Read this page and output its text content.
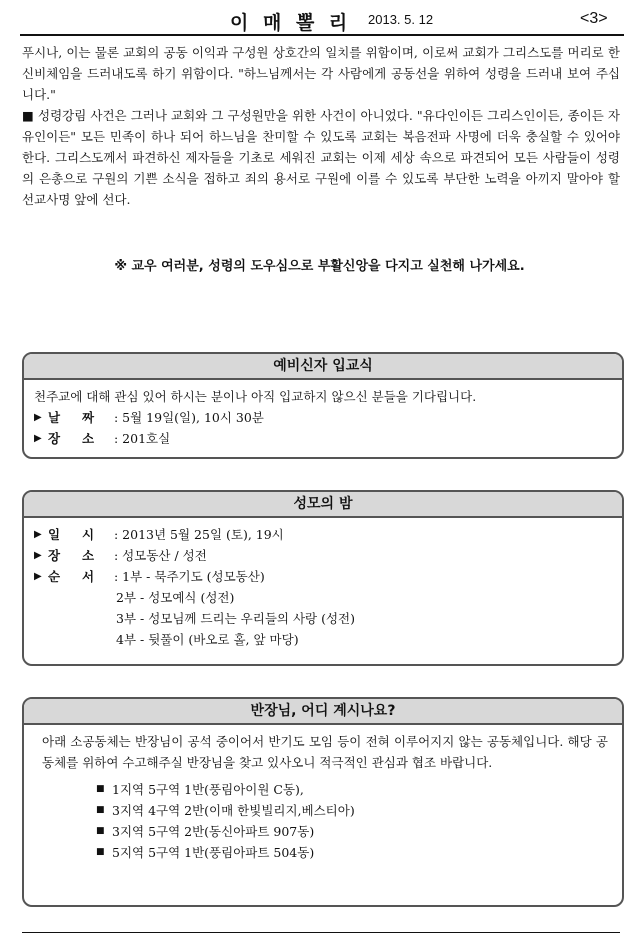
이 매 뽈 리 2013. 5. 12	<3>

푸시나, 이는 물론 교회의 공동 이익과 구성원 상호간의 일치를 위함이며, 이로써 교회가 그리스도를 머리로 한 신비체임을 드러내도록 하기 위함이다. "하느님께서는 각 사람에게 공동선을 위하여 성령을 드러내 보여 주십니다."

■ 성령강림 사건은 그러나 교회와 그 구성원만을 위한 사건이 아니었다. "유다인이든 그리스인이든, 종이든 자유인이든" 모든 민족이 하나 되어 하느님을 찬미할 수 있도록 교회는 복음전파 사명에 더욱 충실할 수 있어야 한다. 그리스도께서 파견하신 제자들을 기초로 세워진 교회는 이제 세상 속으로 파견되어 모든 사람들이 성령의 은총으로 구원의 기쁜 소식을 접하고 죄의 용서로 구원에 이를 수 있도록 부단한 노력을 아끼지 말아야 할 선교사명 앞에 선다.

※ 교우 여러분, 성령의 도우심으로 부활신앙을 다지고 실천해 나가세요.
예비신자 입교식
천주교에 대해 관심 있어 하시는 분이나 아직 입교하지 않으신 분들을 기다립니다.
▶ 날 짜	: 5월 19일(일), 10시 30분
▶ 장 소	: 201호실
성모의 밤
▶ 일 시	: 2013년 5월 25일 (토), 19시
▶ 장 소	: 성모동산 / 성전
▶ 순 서	: 1부 - 묵주기도 (성모동산)
2부 - 성모예식 (성전)
3부 - 성모님께 드리는 우리들의 사랑 (성전)
4부 - 뒷풀이 (바오로 홀, 앞 마당)
반장님, 어디 계시나요?
아래 소공동체는 반장님이 공석 중이어서 반기도 모임 등이 전혀 이루어지지 않는 공동체입니다. 해당 공동체를 위하여 수고해주실 반장님을 찾고 있사오니 적극적인 관심과 협조 바랍니다.
■ 1지역 5구역 1반(풍림아이원 C동),
■ 3지역 4구역 2반(이매 한빛빌리지,베스티아)
■ 3지역 5구역 2반(동신아파트 907동)
■ 5지역 5구역 1반(풍림아파트 504동)
